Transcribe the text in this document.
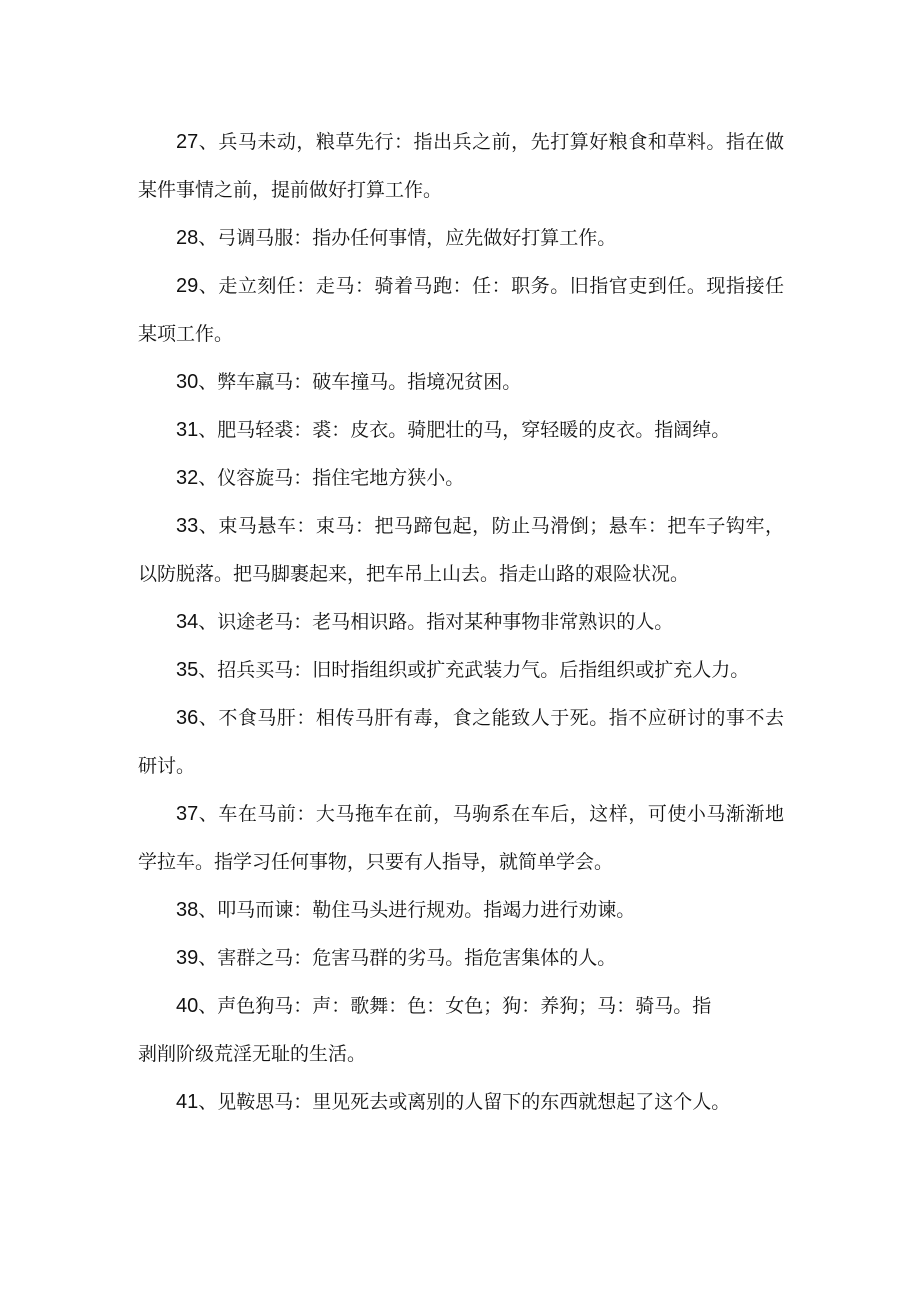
27、兵马未动，粮草先行：指出兵之前，先打算好粮食和草料。指在做某件事情之前，提前做好打算工作。

28、弓调马服：指办任何事情，应先做好打算工作。

29、走立刻任：走马：骑着马跑：任：职务。旧指官吏到任。现指接任某项工作。

30、弊车羸马：破车撞马。指境况贫困。

31、肥马轻裘：裘：皮衣。骑肥壮的马，穿轻暖的皮衣。指阔绰。

32、仪容旋马：指住宅地方狭小。

33、束马悬车：束马：把马蹄包起，防止马滑倒；悬车：把车子钩牢，以防脱落。把马脚裹起来，把车吊上山去。指走山路的艰险状况。

34、识途老马：老马相识路。指对某种事物非常熟识的人。

35、招兵买马：旧时指组织或扩充武装力气。后指组织或扩充人力。

36、不食马肝：相传马肝有毒，食之能致人于死。指不应研讨的事不去研讨。

37、车在马前：大马拖车在前，马驹系在车后，这样，可使小马渐渐地学拉车。指学习任何事物，只要有人指导，就简单学会。

38、叩马而谏：勒住马头进行规劝。指竭力进行劝谏。

39、害群之马：危害马群的劣马。指危害集体的人。

40、声色狗马：声：歌舞：色：女色；狗：养狗；马：骑马。指
剥削阶级荒淫无耻的生活。

41、见鞍思马：里见死去或离别的人留下的东西就想起了这个人。
